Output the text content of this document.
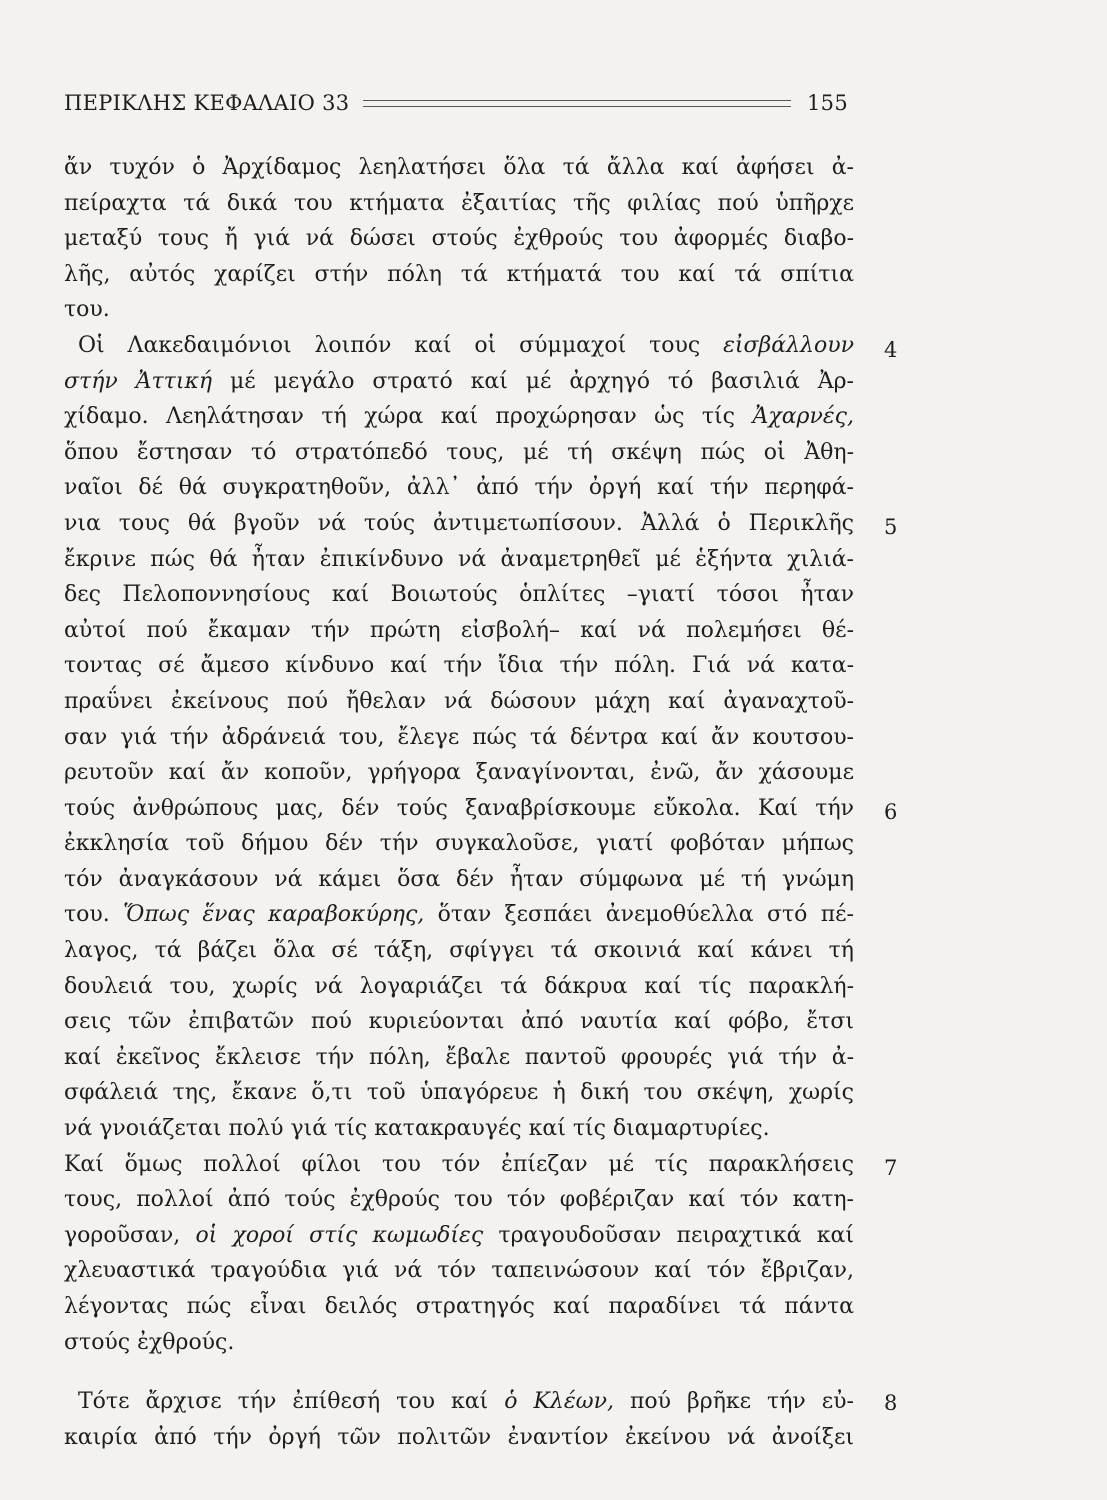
ΠΕΡΙΚΛΗΣ ΚΕΦΑΛΑΙΟ 33	155
ἄν τυχόν ὁ Ἀρχίδαμος λεηλατήσει ὅλα τά ἄλλα καί ἀφήσει ἀ-
πείραχτα τά δικά του κτήματα ἐξαιτίας τῆς φιλίας πού ὑπῆρχε
μεταξύ τους ἤ γιά νά δώσει στούς ἐχθρούς του ἀφορμές διαβο-
λῆς, αὐτός χαρίζει στήν πόλη τά κτήματά του καί τά σπίτια
του.
Οἱ Λακεδαιμόνιοι λοιπόν καί οἱ σύμμαχοί τους εἰσβάλλουν
στήν Ἀττική μέ μεγάλο στρατό καί μέ ἀρχηγό τό βασιλιά Ἀρ-
χίδαμο. Λεηλάτησαν τή χώρα καί προχώρησαν ὡς τίς Ἀχαρνές,
ὅπου ἔστησαν τό στρατόπεδό τους, μέ τή σκέψη πώς οἱ Ἀθη-
ναῖοι δέ θά συγκρατηθοῦν, ἀλλ᾿ ἀπό τήν ὀργή καί τήν περηφά-
νια τους θά βγοῦν νά τούς ἀντιμετωπίσουν. Ἀλλά ὁ Περικλῆς
ἔκρινε πώς θά ἦταν ἐπικίνδυνο νά ἀναμετρηθεῖ μέ ἑξήντα χιλιά-
δες Πελοποννησίους καί Βοιωτούς ὁπλίτες –γιατί τόσοι ἦταν
αὐτοί πού ἔκαμαν τήν πρώτη εἰσβολή– καί νά πολεμήσει θέ-
τοντας σέ ἄμεσο κίνδυνο καί τήν ἴδια τήν πόλη. Γιά νά κατα-
πραΰνει ἐκείνους πού ἤθελαν νά δώσουν μάχη καί ἀγαναχτοῦ-
σαν γιά τήν ἀδράνειά του, ἔλεγε πώς τά δέντρα καί ἄν κουτσου-
ρευτοῦν καί ἄν κοποῦν, γρήγορα ξαναγίνονται, ἐνῶ, ἄν χάσουμε
τούς ἀνθρώπους μας, δέν τούς ξαναβρίσκουμε εὔκολα. Καί τήν
ἐκκλησία τοῦ δήμου δέν τήν συγκαλοῦσε, γιατί φοβόταν μήπως
τόν ἀναγκάσουν νά κάμει ὅσα δέν ἦταν σύμφωνα μέ τή γνώμη
του. Ὅπως ἕνας καραβοκύρης, ὅταν ξεσπάει ἀνεμοθύελλα στό πέ-
λαγος, τά βάζει ὅλα σέ τάξη, σφίγγει τά σκοινιά καί κάνει τή
δουλειά του, χωρίς νά λογαριάζει τά δάκρυα καί τίς παρακλή-
σεις τῶν ἐπιβατῶν πού κυριεύονται ἀπό ναυτία καί φόβο, ἔτσι
καί ἐκεῖνος ἔκλεισε τήν πόλη, ἔβαλε παντοῦ φρουρές γιά τήν ἀ-
σφάλειά της, ἔκανε ὅ,τι τοῦ ὑπαγόρευε ἡ δική του σκέψη, χωρίς
νά γνοιάζεται πολύ γιά τίς κατακραυγές καί τίς διαμαρτυρίες.
Καί ὅμως πολλοί φίλοι του τόν ἐπίεζαν μέ τίς παρακλήσεις
τους, πολλοί ἀπό τούς ἐχθρούς του τόν φοβέριζαν καί τόν κατη-
γοροῦσαν, οἱ χοροί στίς κωμωδίες τραγουδοῦσαν πειραχτικά καί
χλευαστικά τραγούδια γιά νά τόν ταπεινώσουν καί τόν ἔβριζαν,
λέγοντας πώς εἶναι δειλός στρατηγός καί παραδίνει τά πάντα
στούς ἐχθρούς.
Τότε ἄρχισε τήν ἐπίθεσή του καί ὁ Κλέων, πού βρῆκε τήν εὐ-
καιρία ἀπό τήν ὀργή τῶν πολιτῶν ἐναντίον ἐκείνου νά ἀνοίξει
4
5
6
7
8
